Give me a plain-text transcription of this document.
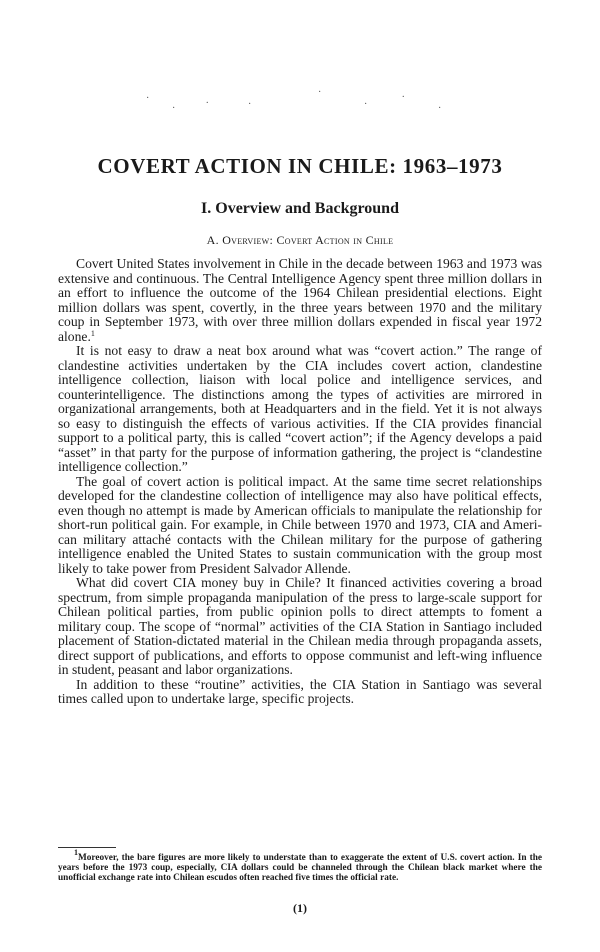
·
·
.	·
·
·
.
·
COVERT ACTION IN CHILE: 1963–1973
I. Overview and Background
A. Overview: Covert Action in Chile

Covert United States involvement in Chile in the decade between 1963 and 1973 was extensive and continuous. The Central Intelligence Agency spent three million dollars in an effort to influence the outcome of the 1964 Chilean presidential elections. Eight million dollars was spent, covertly, in the three years between 1970 and the military coup in September 1973, with over three million dollars expended in fiscal year 1972 alone.$^1$

It is not easy to draw a neat box around what was “covert action.” The range of clandestine activities undertaken by the CIA includes covert action, clandestine intelligence collection, liaison with local police and intelligence services, and counterintelligence. The distinctions among the types of activities are mirrored in organizational arrangements, both at Headquarters and in the field. Yet it is not always so easy to distinguish the effects of various activities. If the CIA provides financial support to a political party, this is called “covert action”; if the Agency develops a paid “asset” in that party for the purpose of information gathering, the project is “clandestine intelligence collection.”

The goal of covert action is political impact. At the same time secret relationships developed for the clandestine collection of intelligence may also have political effects, even though no attempt is made by American officials to manipulate the relationship for short-run political gain. For example, in Chile between 1970 and 1973, CIA and American military attaché contacts with the Chilean military for the purpose of gathering intelligence enabled the United States to sustain communication with the group most likely to take power from President Salvador Allende.

What did covert CIA money buy in Chile? It financed activities covering a broad spectrum, from simple propaganda manipulation of the press to large-scale support for Chilean political parties, from public opinion polls to direct attempts to foment a military coup. The scope of “normal” activities of the CIA Station in Santiago included placement of Station-dictated material in the Chilean media through propaganda assets, direct support of publications, and efforts to oppose communist and left-wing influence in student, peasant and labor organizations.

In addition to these “routine” activities, the CIA Station in Santiago was several times called upon to undertake large, specific projects.

$^1$Moreover, the bare figures are more likely to understate than to exaggerate the extent of U.S. covert action. In the years before the 1973 coup, especially, CIA dollars could be channeled through the Chilean black market where the unofficial exchange rate into Chilean escudos often reached five times the official rate.

(1)
